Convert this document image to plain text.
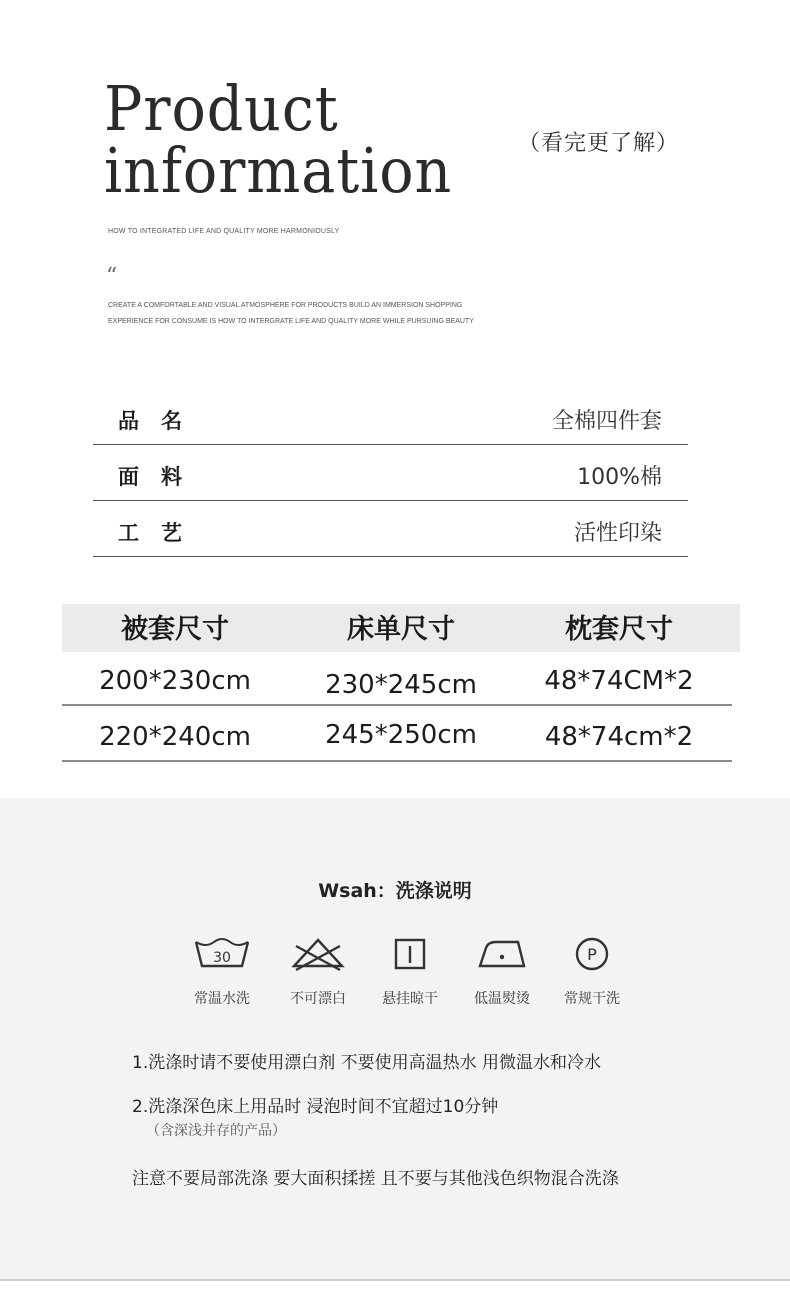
Product
information	（看完更了解）
HOW TO INTEGRATED LIFE AND QUALITY MORE HARMONIOUSLY
“
CREATE A COMFORTABLE AND VISUAL ATMOSPHERE FOR PRODUCTS BUILD AN IMMERSION SHOPPING EXPERIENCE FOR CONSUME IS HOW TO INTERGRATE LIFE AND QUALITY MORE WHILE PURSUING BEAUTY
品名	全棉四件套
面料	100%棉
工艺	活性印染
被套尺寸	床单尺寸	枕套尺寸
200*230cm	230*245cm	48*74CM*2
220*240cm	245*250cm	48*74cm*2
Wsah：洗涤说明
30
常温水洗	不可漂白	悬挂晾干	低温熨烫
P
常规干洗
1.洗涤时请不要使用漂白剂 不要使用高温热水 用微温水和冷水
2.洗涤深色床上用品时 浸泡时间不宜超过10分钟
（含深浅并存的产品）
注意不要局部洗涤 要大面积揉搓 且不要与其他浅色织物混合洗涤
